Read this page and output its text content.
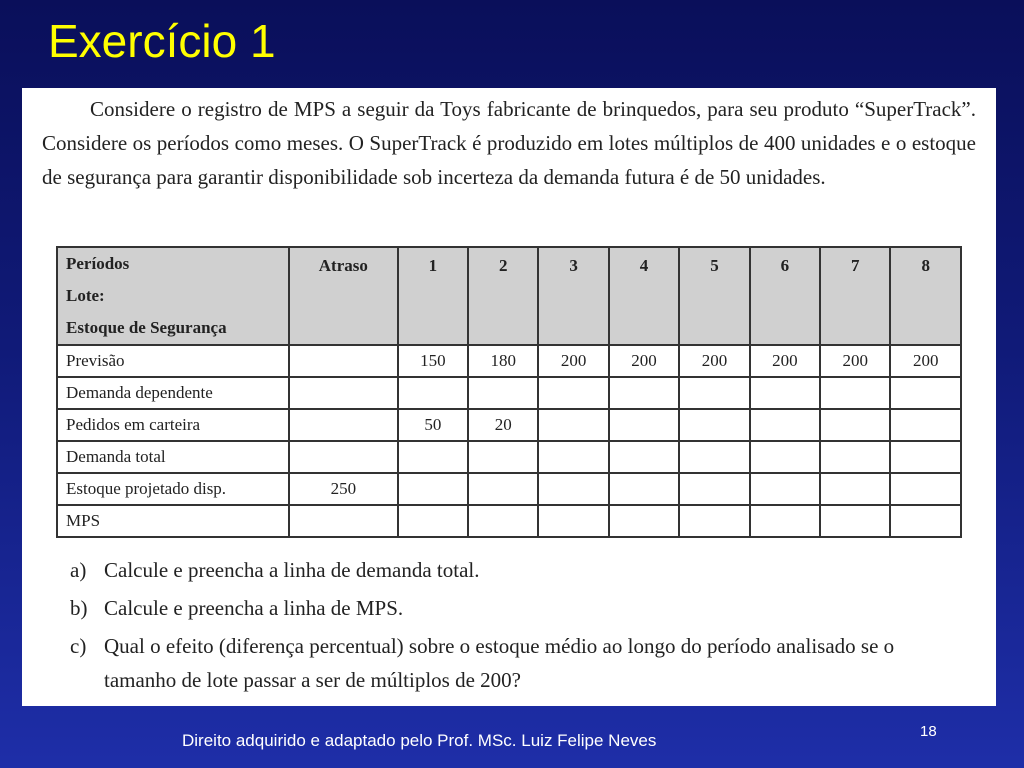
Exercício 1
Considere o registro de MPS a seguir da Toys fabricante de brinquedos, para seu produto “SuperTrack”. Considere os períodos como meses. O SuperTrack é produzido em lotes múltiplos de 400 unidades e o estoque de segurança para garantir disponibilidade sob incerteza da demanda futura é de 50 unidades.
Períodos
Lote:
Estoque de Segurança	Atraso	1	2	3	4	5	6	7	8
Previsão		150	180	200	200	200	200	200	200
Demanda dependente									
Pedidos em carteira		50	20						
Demanda total									
Estoque projetado disp.	250								
MPS									
a) Calcule e preencha a linha de demanda total.
b) Calcule e preencha a linha de MPS.
c) Qual o efeito (diferença percentual) sobre o estoque médio ao longo do período analisado se o tamanho de lote passar a ser de múltiplos de 200?
Direito adquirido e adaptado pelo Prof. MSc. Luiz Felipe Neves	18
